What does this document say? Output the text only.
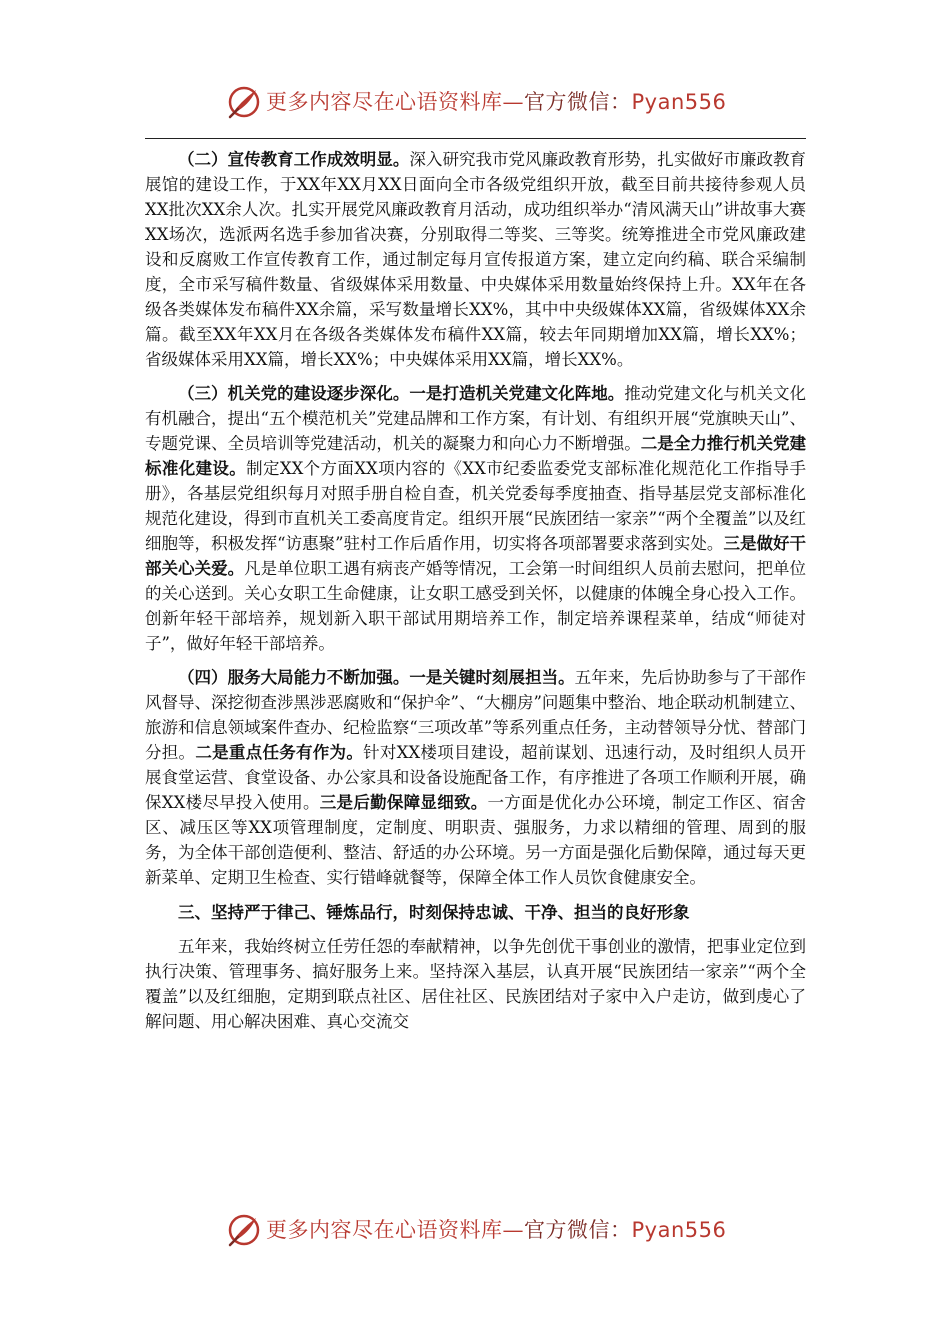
更多内容尽在心语资料库—官方微信：Pyan556

（二）宣传教育工作成效明显。深入研究我市党风廉政教育形势，扎实做好市廉政教育展馆的建设工作，于XX年XX月XX日面向全市各级党组织开放，截至目前共接待参观人员XX批次XX余人次。扎实开展党风廉政教育月活动，成功组织举办“清风满天山”讲故事大赛XX场次，选派两名选手参加省决赛，分别取得二等奖、三等奖。统筹推进全市党风廉政建设和反腐败工作宣传教育工作，通过制定每月宣传报道方案，建立定向约稿、联合采编制度，全市采写稿件数量、省级媒体采用数量、中央媒体采用数量始终保持上升。XX年在各级各类媒体发布稿件XX余篇，采写数量增长XX%，其中中央级媒体XX篇，省级媒体XX余篇。截至XX年XX月在各级各类媒体发布稿件XX篇，较去年同期增加XX篇，增长XX%；省级媒体采用XX篇，增长XX%；中央媒体采用XX篇，增长XX%。

（三）机关党的建设逐步深化。一是打造机关党建文化阵地。推动党建文化与机关文化有机融合，提出“五个模范机关”党建品牌和工作方案，有计划、有组织开展“党旗映天山”、专题党课、全员培训等党建活动，机关的凝聚力和向心力不断增强。二是全力推行机关党建标准化建设。制定XX个方面XX项内容的《XX市纪委监委党支部标准化规范化工作指导手册》，各基层党组织每月对照手册自检自查，机关党委每季度抽查、指导基层党支部标准化规范化建设，得到市直机关工委高度肯定。组织开展“民族团结一家亲”“两个全覆盖”以及红细胞等，积极发挥“访惠聚”驻村工作后盾作用，切实将各项部署要求落到实处。三是做好干部关心关爱。凡是单位职工遇有病丧产婚等情况，工会第一时间组织人员前去慰问，把单位的关心送到。关心女职工生命健康，让女职工感受到关怀，以健康的体魄全身心投入工作。创新年轻干部培养，规划新入职干部试用期培养工作，制定培养课程菜单，结成“师徒对子”，做好年轻干部培养。

（四）服务大局能力不断加强。一是关键时刻展担当。五年来，先后协助参与了干部作风督导、深挖彻查涉黑涉恶腐败和“保护伞”、“大棚房”问题集中整治、地企联动机制建立、旅游和信息领域案件查办、纪检监察“三项改革”等系列重点任务，主动替领导分忧、替部门分担。二是重点任务有作为。针对XX楼项目建设，超前谋划、迅速行动，及时组织人员开展食堂运营、食堂设备、办公家具和设备设施配备工作，有序推进了各项工作顺利开展，确保XX楼尽早投入使用。三是后勤保障显细致。一方面是优化办公环境，制定工作区、宿舍区、减压区等XX项管理制度，定制度、明职责、强服务，力求以精细的管理、周到的服务，为全体干部创造便利、整洁、舒适的办公环境。另一方面是强化后勤保障，通过每天更新菜单、定期卫生检查、实行错峰就餐等，保障全体工作人员饮食健康安全。

三、坚持严于律己、锤炼品行，时刻保持忠诚、干净、担当的良好形象

五年来，我始终树立任劳任怨的奉献精神，以争先创优干事创业的激情，把事业定位到执行决策、管理事务、搞好服务上来。坚持深入基层，认真开展“民族团结一家亲”“两个全覆盖”以及红细胞，定期到联点社区、居住社区、民族团结对子家中入户走访，做到虔心了解问题、用心解决困难、真心交流交

更多内容尽在心语资料库—官方微信：Pyan556
